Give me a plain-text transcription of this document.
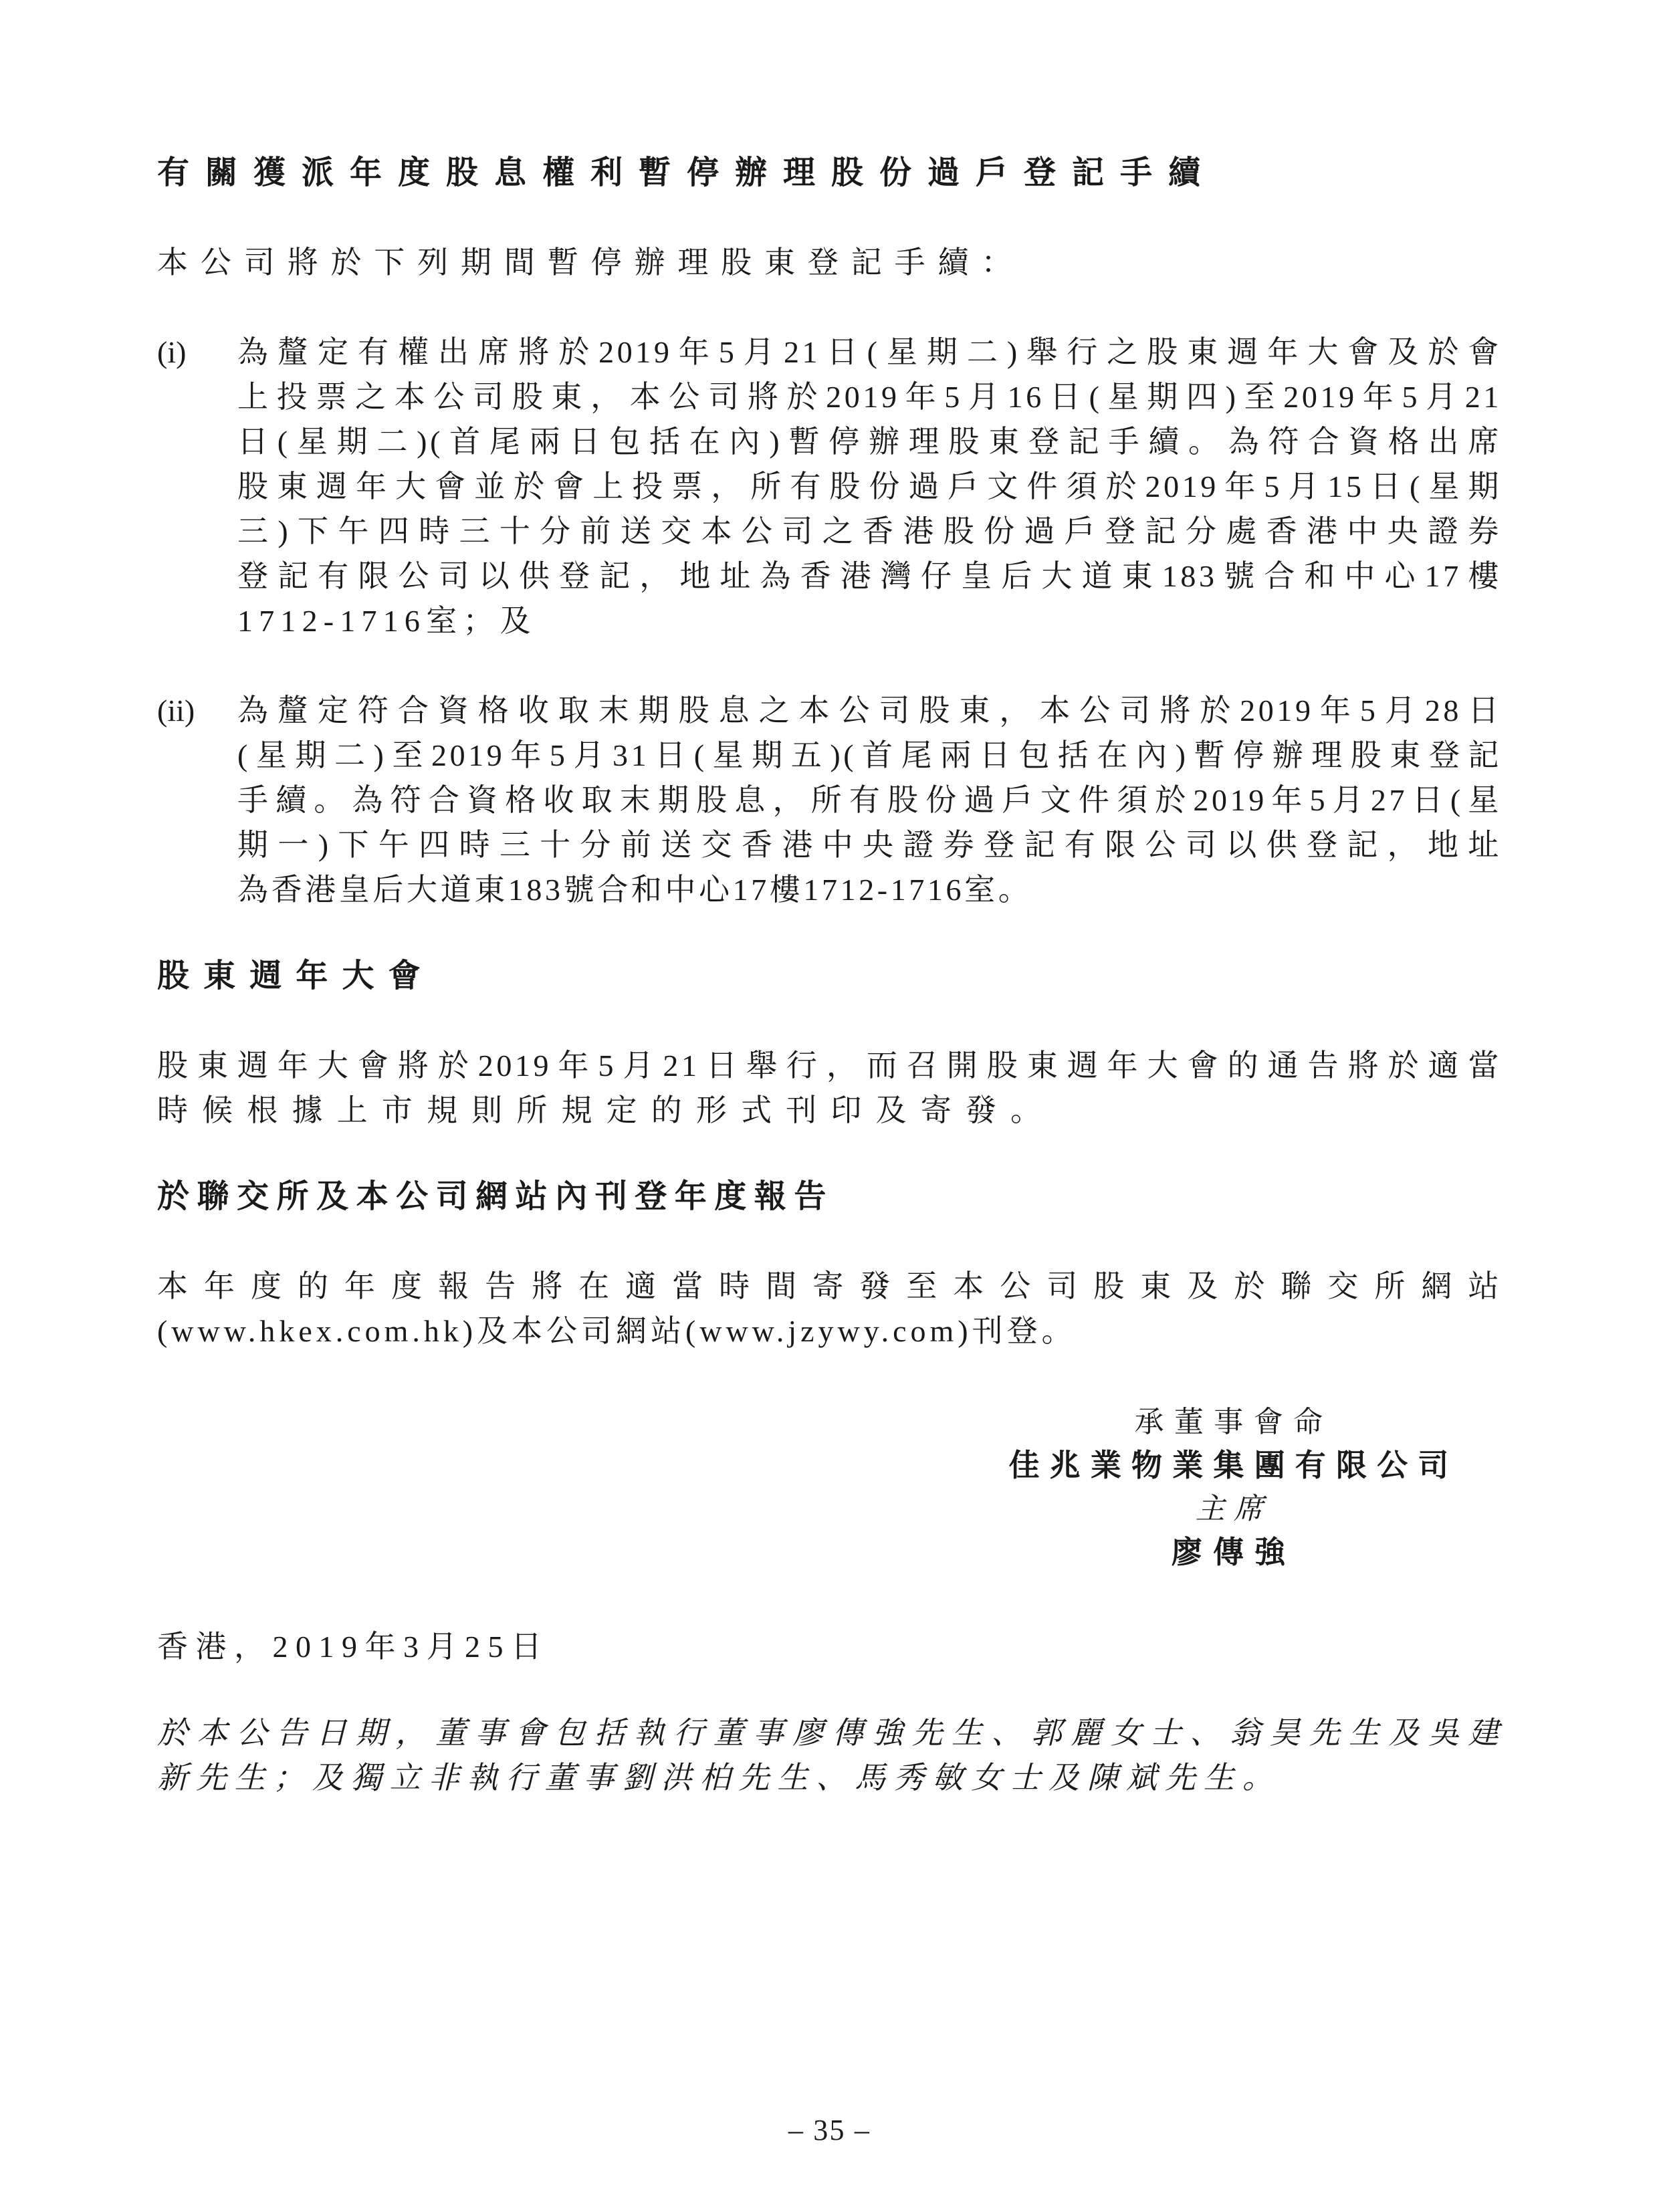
有關獲派年度股息權利暫停辦理股份過戶登記手續
本公司將於下列期間暫停辦理股東登記手續：
(i)	為釐定有權出席將於2019年5月21日(星期二)舉行之股東週年大會及於會
上投票之本公司股東，本公司將於2019年5月16日(星期四)至2019年5月21
日(星期二)(首尾兩日包括在內)暫停辦理股東登記手續。為符合資格出席
股東週年大會並於會上投票，所有股份過戶文件須於2019年5月15日(星期
三)下午四時三十分前送交本公司之香港股份過戶登記分處香港中央證券
登記有限公司以供登記，地址為香港灣仔皇后大道東183號合和中心17樓
1712-1716室；及
(ii)	為釐定符合資格收取末期股息之本公司股東，本公司將於2019年5月28日
(星期二)至2019年5月31日(星期五)(首尾兩日包括在內)暫停辦理股東登記
手續。為符合資格收取末期股息，所有股份過戶文件須於2019年5月27日(星
期一)下午四時三十分前送交香港中央證券登記有限公司以供登記，地址
為香港皇后大道東183號合和中心17樓1712-1716室。
股東週年大會
股東週年大會將於2019年5月21日舉行，而召開股東週年大會的通告將於適當
時候根據上市規則所規定的形式刊印及寄發。
於聯交所及本公司網站內刊登年度報告
本年度的年度報告將在適當時間寄發至本公司股東及於聯交所網站
(www.hkex.com.hk)及本公司網站(www.jzywy.com)刊登。
承董事會命
佳兆業物業集團有限公司
主席
廖傳強
香港，2019年3月25日
於本公告日期，董事會包括執行董事廖傳強先生、郭麗女士、翁昊先生及吳建
新先生；及獨立非執行董事劉洪柏先生、馬秀敏女士及陳斌先生。
– 35 –
